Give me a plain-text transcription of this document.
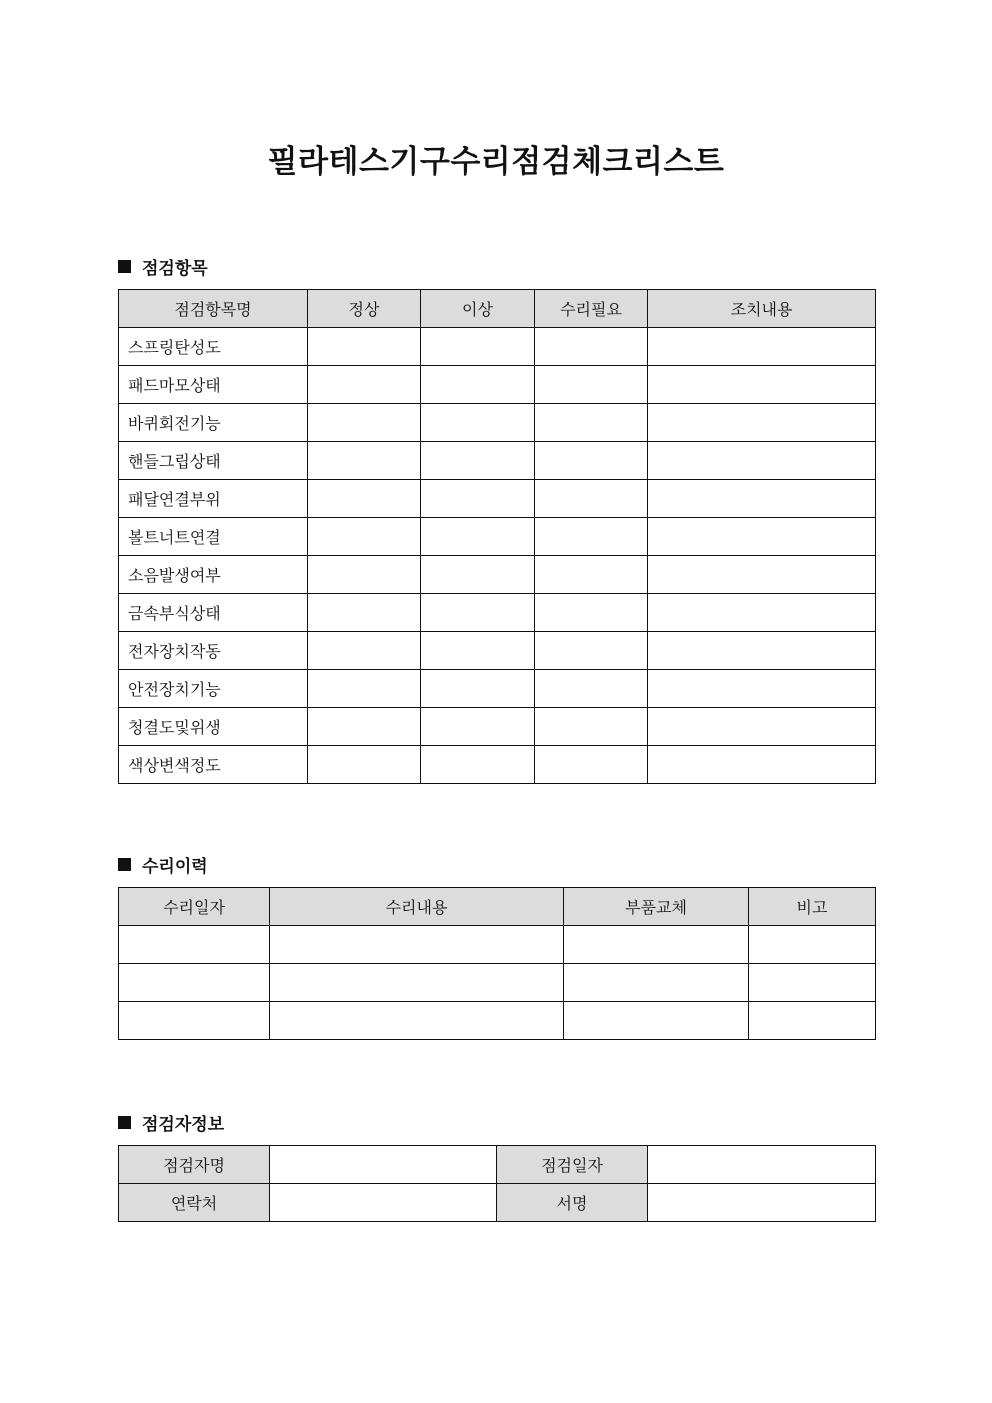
필라테스기구수리점검체크리스트
점검항목
점검항목명	정상	이상	수리필요	조치내용
스프링탄성도				
패드마모상태				
바퀴회전기능				
핸들그립상태				
패달연결부위				
볼트너트연결				
소음발생여부				
금속부식상태				
전자장치작동				
안전장치기능				
청결도및위생				
색상변색정도				
수리이력
수리일자	수리내용	부품교체	비고

점검자정보
점검자명		점검일자	
연락처		서명	
